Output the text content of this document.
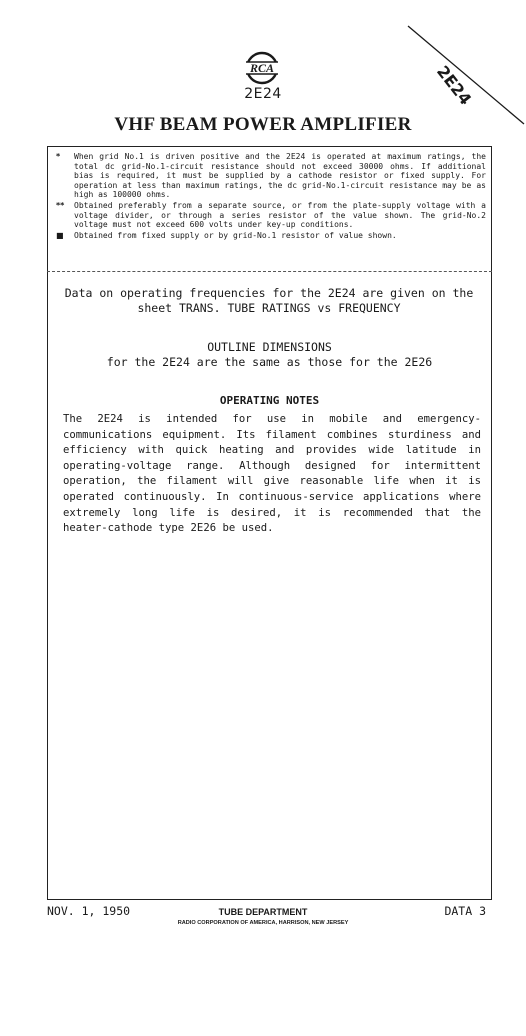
RCA
2E24	2E24
VHF BEAM POWER AMPLIFIER
* When grid No.1 is driven positive and the 2E24 is operated at maximum ratings, the total dc grid-No.1-circuit resistance should not exceed 30000 ohms. If additional bias is required, it must be supplied by a cathode resistor or fixed supply. For operation at less than maximum ratings, the dc grid-No.1-circuit resistance may be as high as 100000 ohms.
** Obtained preferably from a separate source, or from the plate-supply voltage with a voltage divider, or through a series resistor of the value shown. The grid-No.2 voltage must not exceed 600 volts under key-up conditions.
■ Obtained from fixed supply or by grid-No.1 resistor of value shown.
Data on operating frequencies for the 2E24 are given on the
sheet TRANS. TUBE RATINGS vs FREQUENCY
OUTLINE DIMENSIONS
for the 2E24 are the same as those for the 2E26
OPERATING NOTES
The 2E24 is intended for use in mobile and emergency-communications equipment. Its filament combines sturdiness and efficiency with quick heating and provides wide latitude in operating-voltage range. Although designed for intermittent operation, the filament will give reasonable life when it is operated continuously. In continuous-service applications where extremely long life is desired, it is recommended that the heater-cathode type 2E26 be used.
NOV. 1, 1950	TUBE DEPARTMENT
RADIO CORPORATION OF AMERICA, HARRISON, NEW JERSEY
DATA 3
